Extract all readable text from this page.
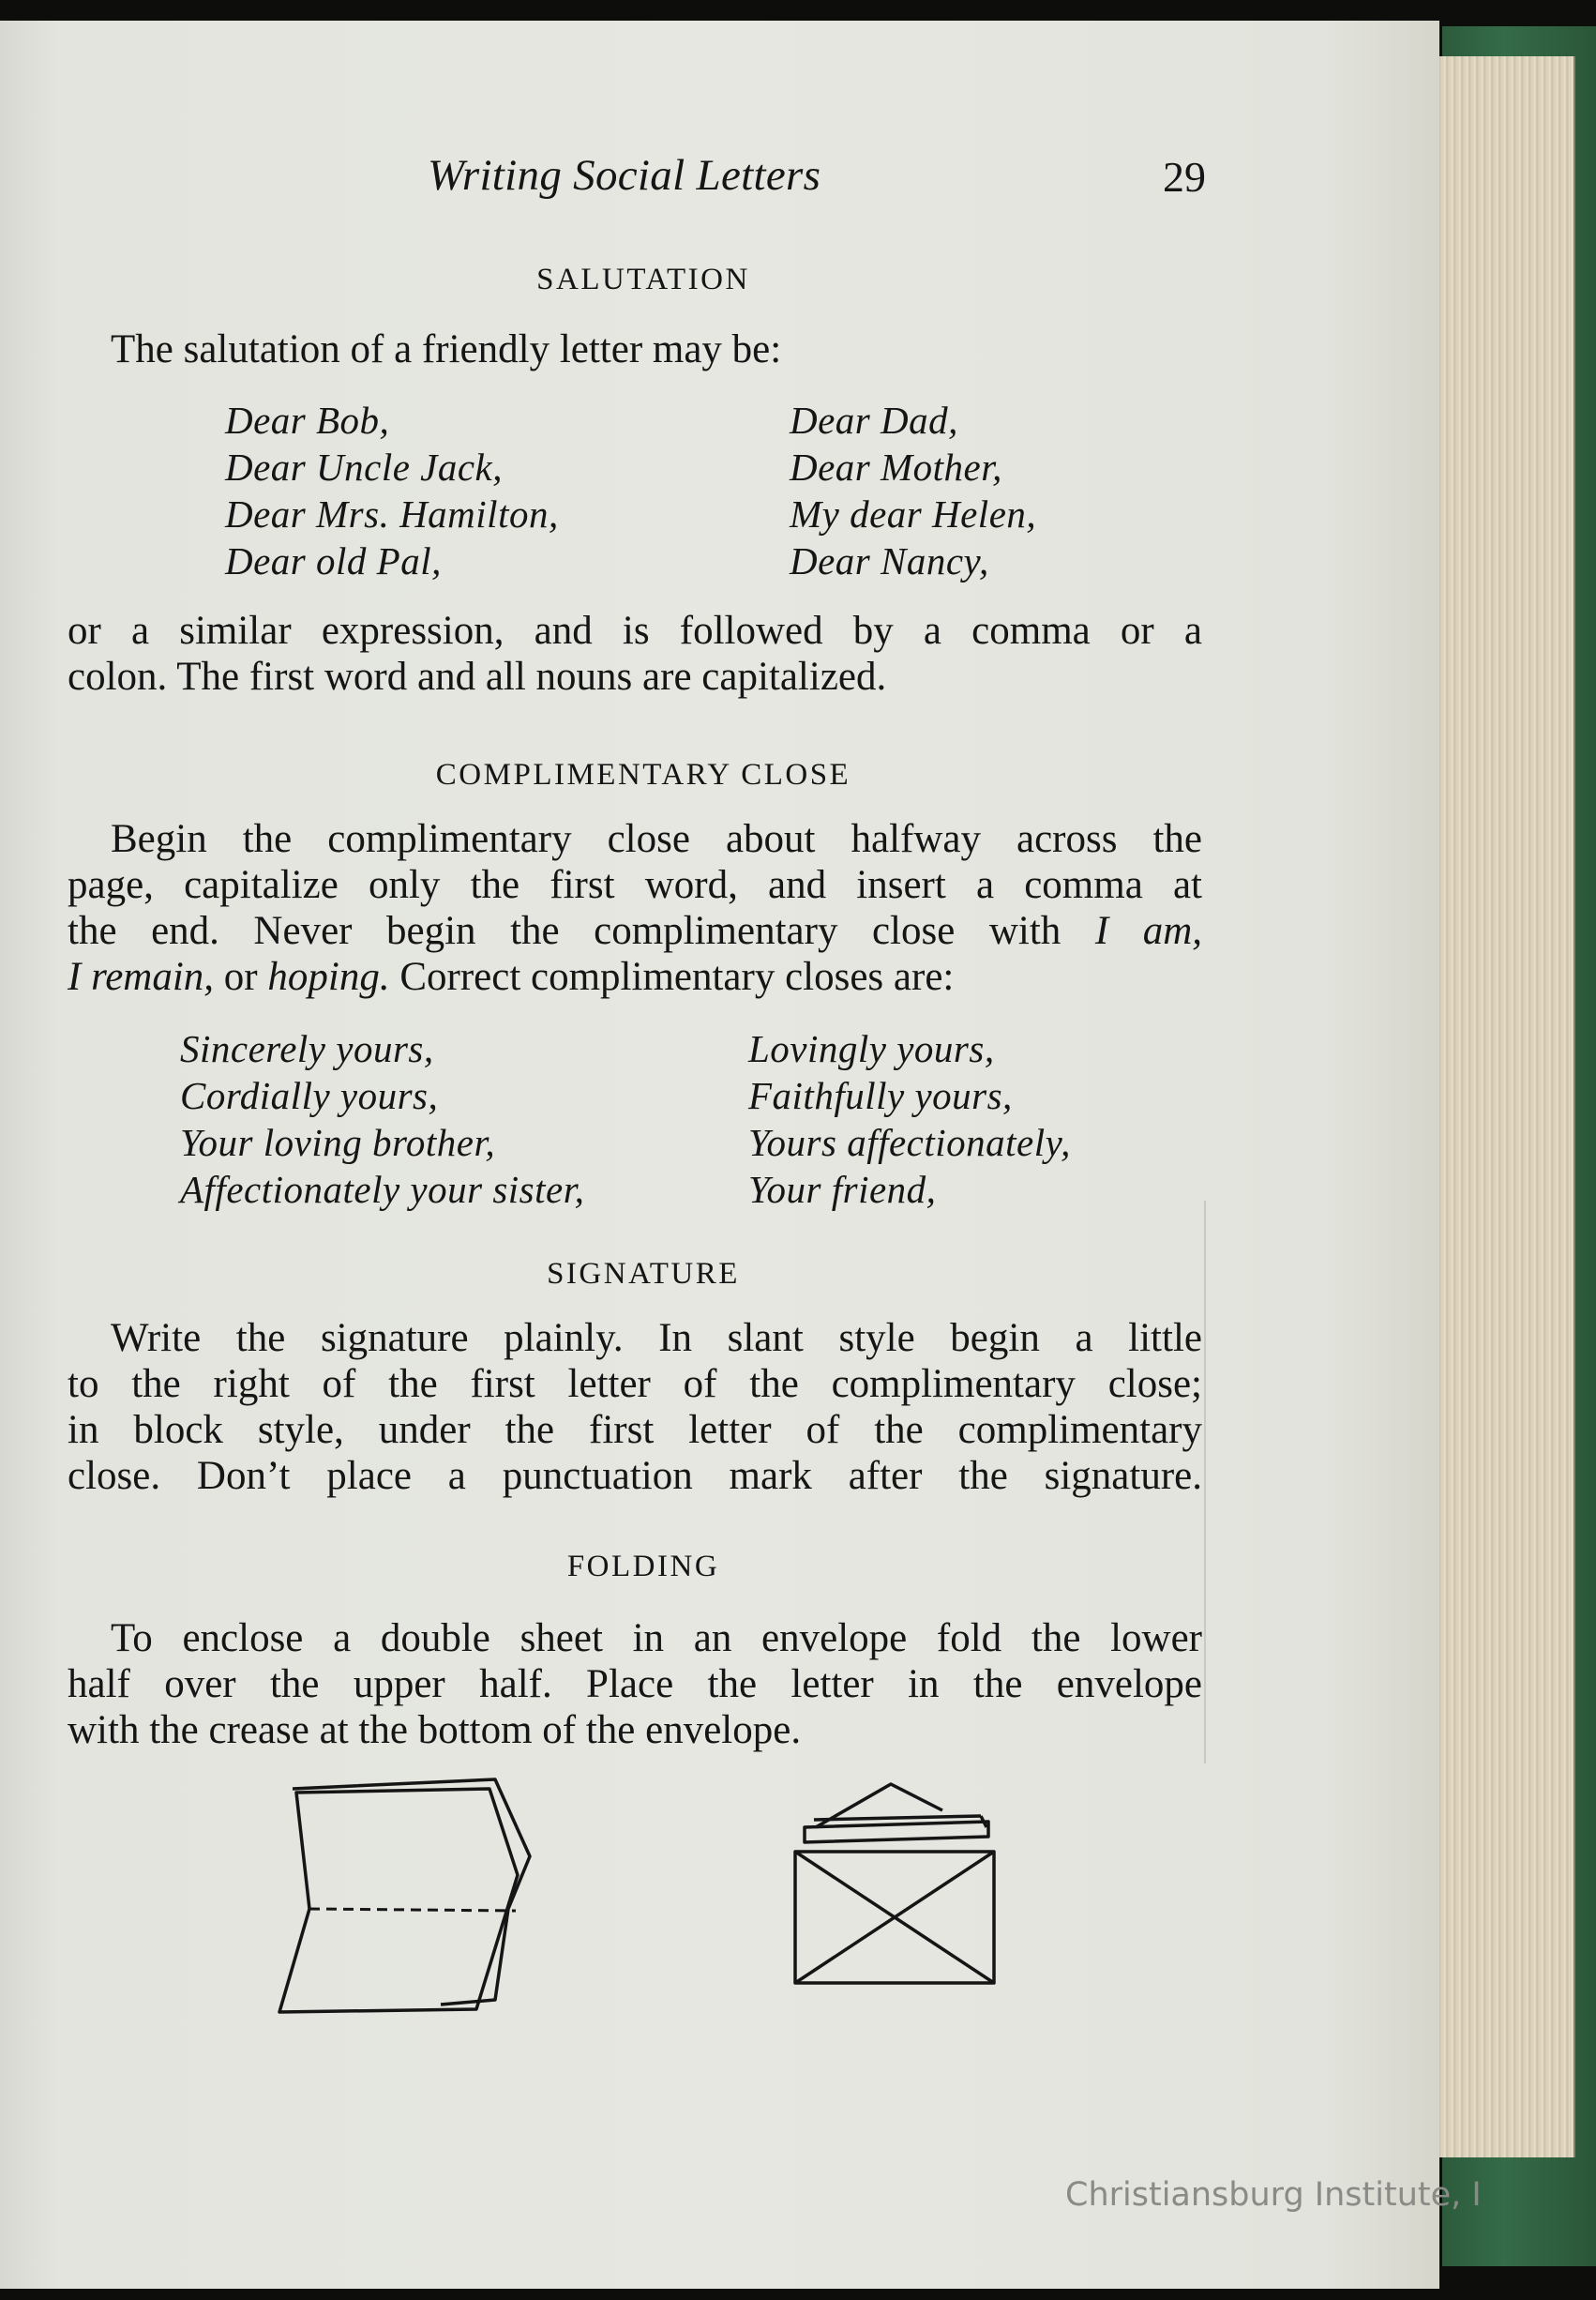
Writing Social Letters	29
SALUTATION
The salutation of a friendly letter may be:
Dear Bob,
Dear Uncle Jack,
Dear Mrs. Hamilton,
Dear old Pal,
Dear Dad,
Dear Mother,
My dear Helen,
Dear Nancy,
or a similar expression, and is followed by a comma or a
colon. The first word and all nouns are capitalized.
COMPLIMENTARY CLOSE
Begin the complimentary close about halfway across the
page, capitalize only the first word, and insert a comma at
the end. Never begin the complimentary close with I am,
I remain, or hoping. Correct complimentary closes are:
Sincerely yours,
Cordially yours,
Your loving brother,
Affectionately your sister,
Lovingly yours,
Faithfully yours,
Yours affectionately,
Your friend,
SIGNATURE
Write the signature plainly. In slant style begin a little
to the right of the first letter of the complimentary close;
in block style, under the first letter of the complimentary
close. Don’t place a punctuation mark after the signature.
FOLDING
To enclose a double sheet in an envelope fold the lower
half over the upper half. Place the letter in the envelope
with the crease at the bottom of the envelope.
Christiansburg Institute, I
